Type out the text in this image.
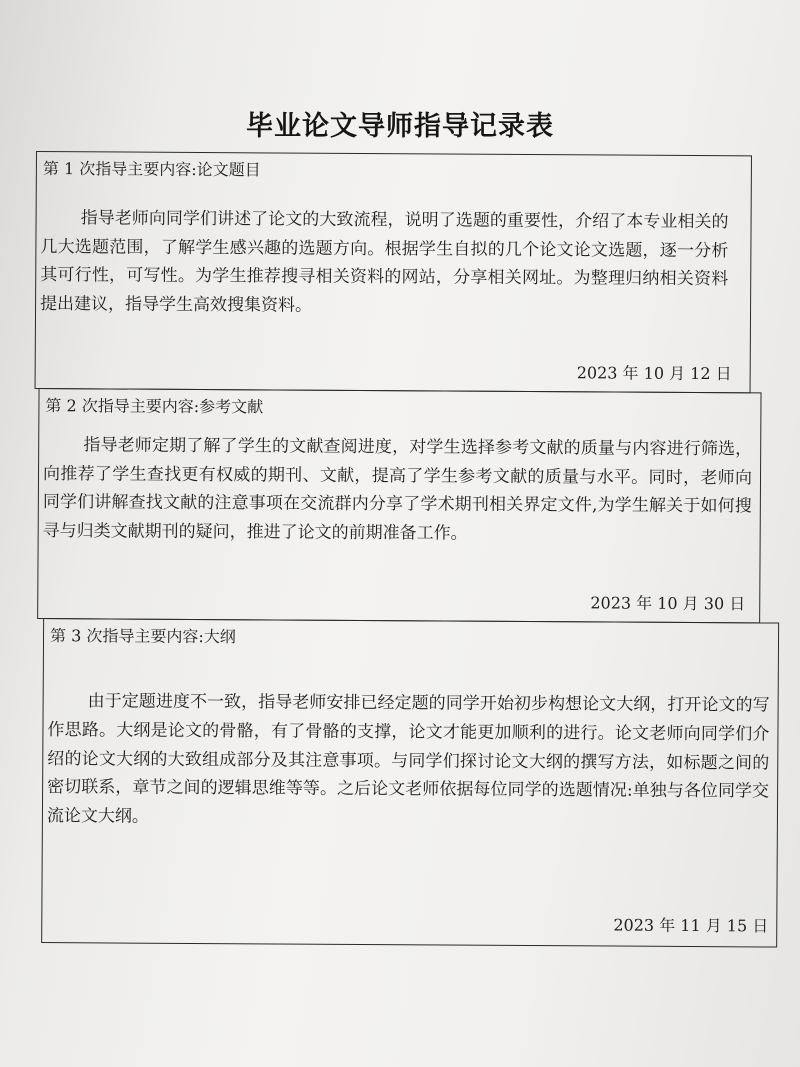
毕业论文导师指导记录表
第 1 次指导主要内容:论文题目
指导老师向同学们讲述了论文的大致流程，说明了选题的重要性，介绍了本专业相关的几大选题范围，了解学生感兴趣的选题方向。根据学生自拟的几个论文论文选题，逐一分析其可行性，可写性。为学生推荐搜寻相关资料的网站，分享相关网址。为整理归纳相关资料提出建议，指导学生高效搜集资料。
2023 年 10 月 12 日
第 2 次指导主要内容:参考文献
指导老师定期了解了学生的文献查阅进度，对学生选择参考文献的质量与内容进行筛选，向推荐了学生查找更有权威的期刊、文献，提高了学生参考文献的质量与水平。同时，老师向同学们讲解查找文献的注意事项在交流群内分享了学术期刊相关界定文件,为学生解关于如何搜寻与归类文献期刊的疑问，推进了论文的前期准备工作。
2023 年 10 月 30 日
第 3 次指导主要内容:大纲
由于定题进度不一致，指导老师安排已经定题的同学开始初步构想论文大纲，打开论文的写作思路。大纲是论文的骨骼，有了骨骼的支撑，论文才能更加顺利的进行。论文老师向同学们介绍的论文大纲的大致组成部分及其注意事项。与同学们探讨论文大纲的撰写方法，如标题之间的密切联系，章节之间的逻辑思维等等。之后论文老师依据每位同学的选题情况:单独与各位同学交流论文大纲。
2023 年 11 月 15 日
